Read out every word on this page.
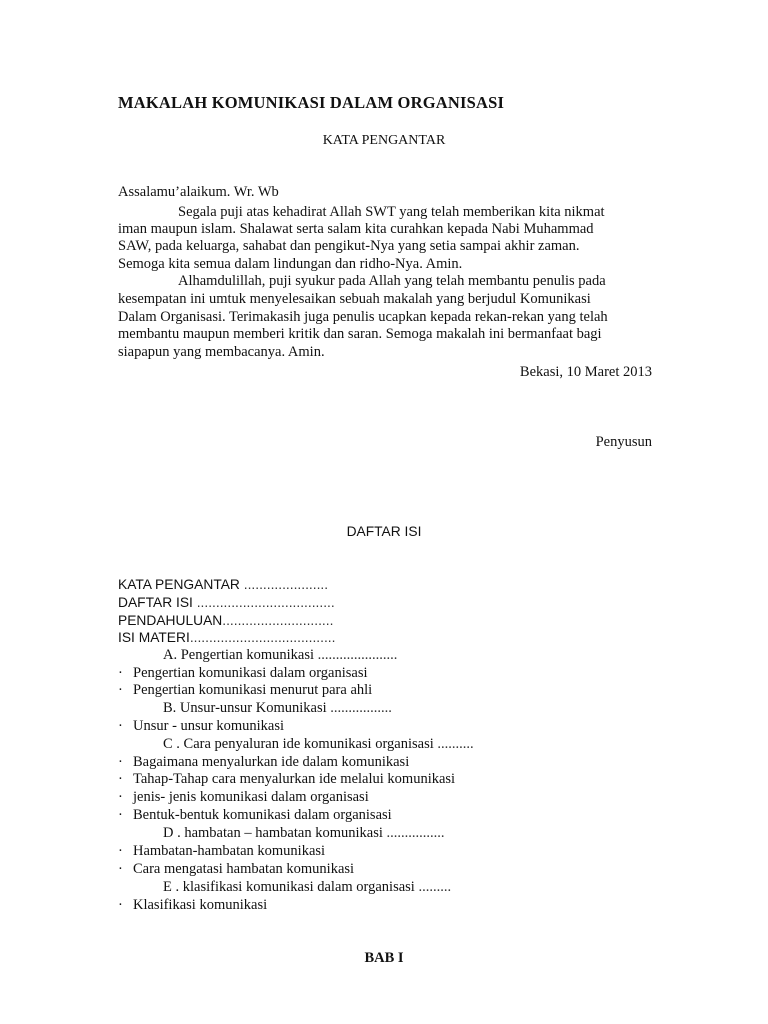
MAKALAH KOMUNIKASI DALAM ORGANISASI
KATA PENGANTAR
Assalamu’alaikum. Wr. Wb
Segala puji atas kehadirat Allah SWT yang telah memberikan kita nikmat
iman maupun islam. Shalawat serta salam kita curahkan kepada Nabi Muhammad
SAW, pada keluarga, sahabat dan pengikut-Nya yang setia sampai akhir zaman.
Semoga kita semua dalam lindungan dan ridho-Nya. Amin.
Alhamdulillah, puji syukur pada Allah yang telah membantu penulis pada
kesempatan ini umtuk menyelesaikan sebuah makalah yang berjudul Komunikasi
Dalam Organisasi. Terimakasih juga penulis ucapkan kepada rekan-rekan yang telah
membantu maupun memberi kritik dan saran. Semoga makalah ini bermanfaat bagi
siapapun yang membacanya. Amin.
Bekasi, 10 Maret 2013
Penyusun
DAFTAR ISI
KATA PENGANTAR ......................
DAFTAR ISI ....................................
PENDAHULUAN.............................
ISI MATERI......................................
A. Pengertian komunikasi ......................
· Pengertian komunikasi dalam organisasi
· Pengertian komunikasi menurut para ahli
B. Unsur-unsur Komunikasi .................
· Unsur - unsur komunikasi
C . Cara penyaluran ide komunikasi organisasi ..........
· Bagaimana menyalurkan ide dalam komunikasi
· Tahap-Tahap cara menyalurkan ide melalui komunikasi
· jenis- jenis komunikasi dalam organisasi
· Bentuk-bentuk komunikasi dalam organisasi
D . hambatan – hambatan komunikasi ................
· Hambatan-hambatan komunikasi
· Cara mengatasi hambatan komunikasi
E . klasifikasi komunikasi dalam organisasi .........
· Klasifikasi komunikasi
BAB I
